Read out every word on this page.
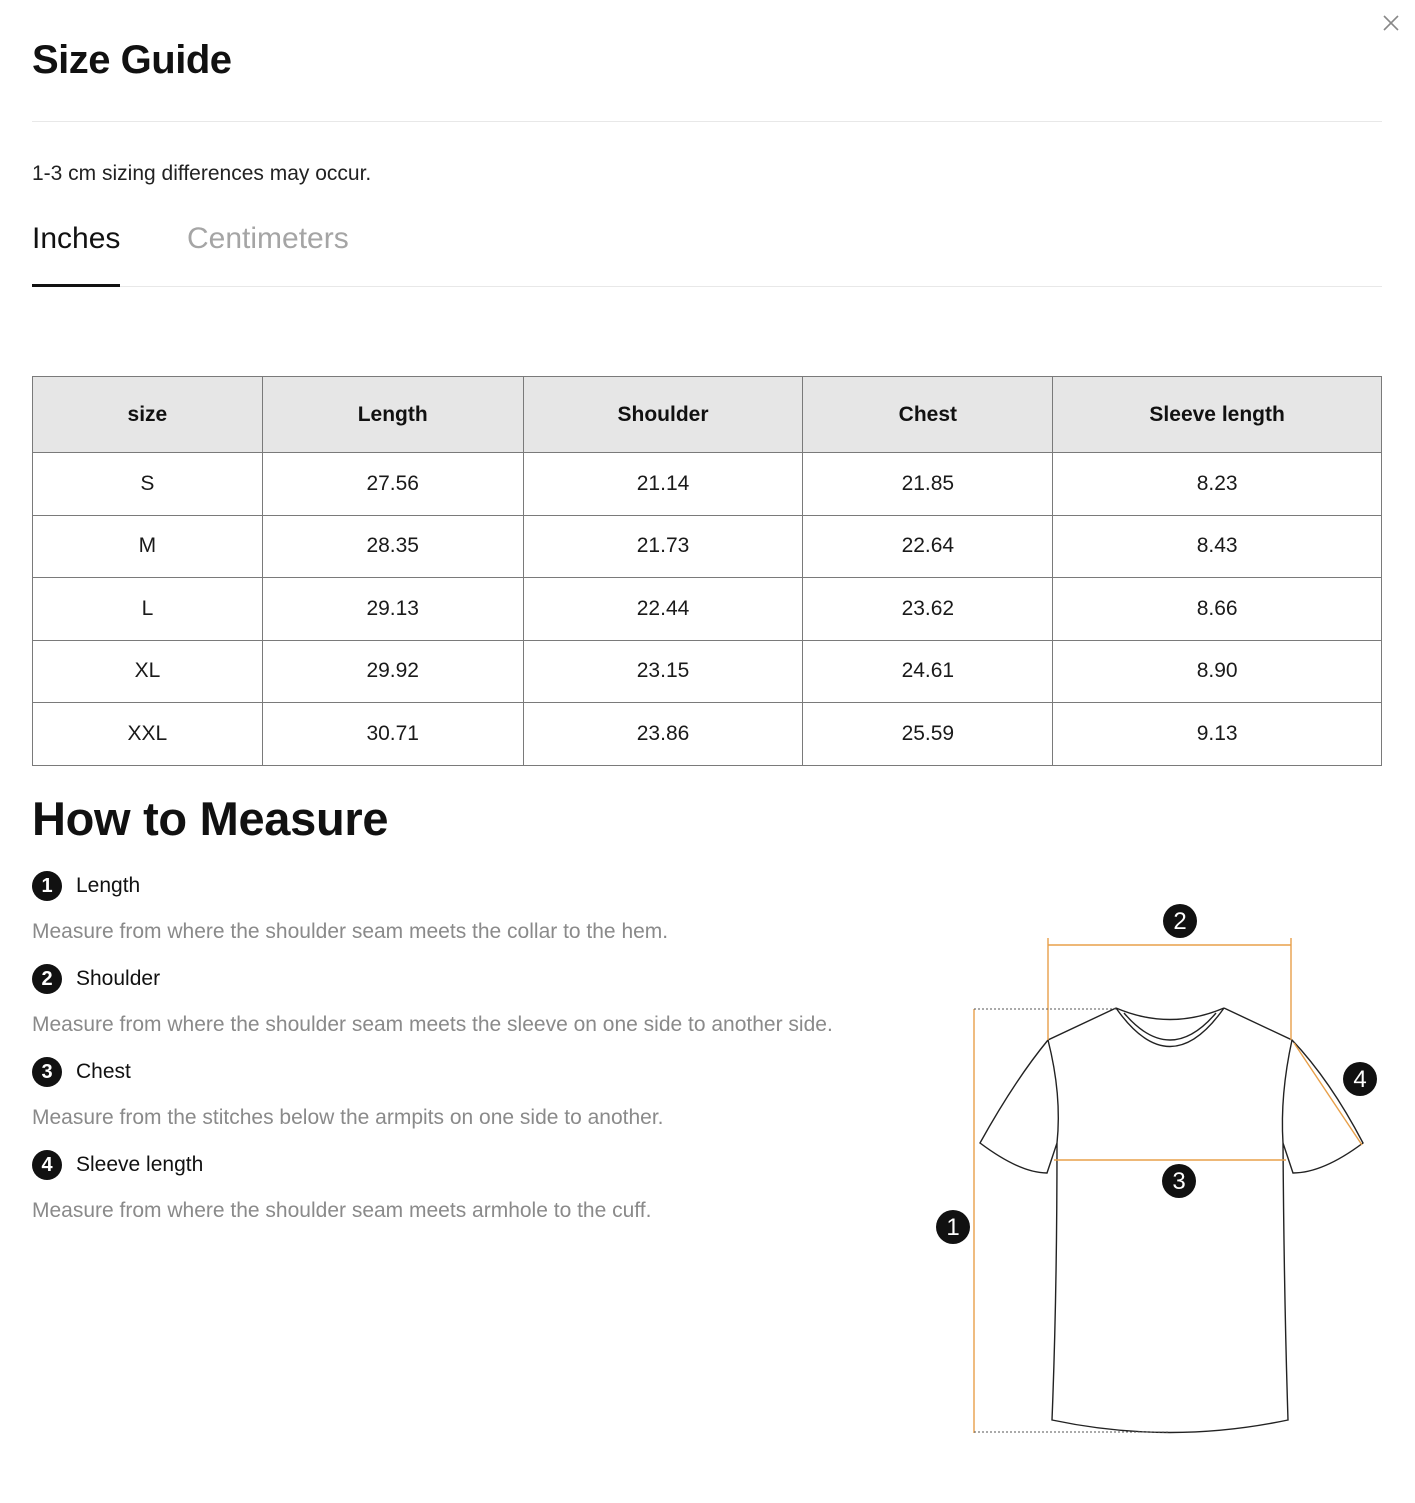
Size Guide
1-3 cm sizing differences may occur.
Inches Centimeters
size	Length	Shoulder	Chest	Sleeve length
S	27.56	21.14	21.85	8.23
M	28.35	21.73	22.64	8.43
L	29.13	22.44	23.62	8.66
XL	29.92	23.15	24.61	8.90
XXL	30.71	23.86	25.59	9.13
How to Measure
1	Length
Measure from where the shoulder seam meets the collar to the hem.
2	Shoulder
Measure from where the shoulder seam meets the sleeve on one side to another side.
3	Chest
Measure from the stitches below the armpits on one side to another.
4	Sleeve length
Measure from where the shoulder seam meets armhole to the cuff.
2
4
3
1
